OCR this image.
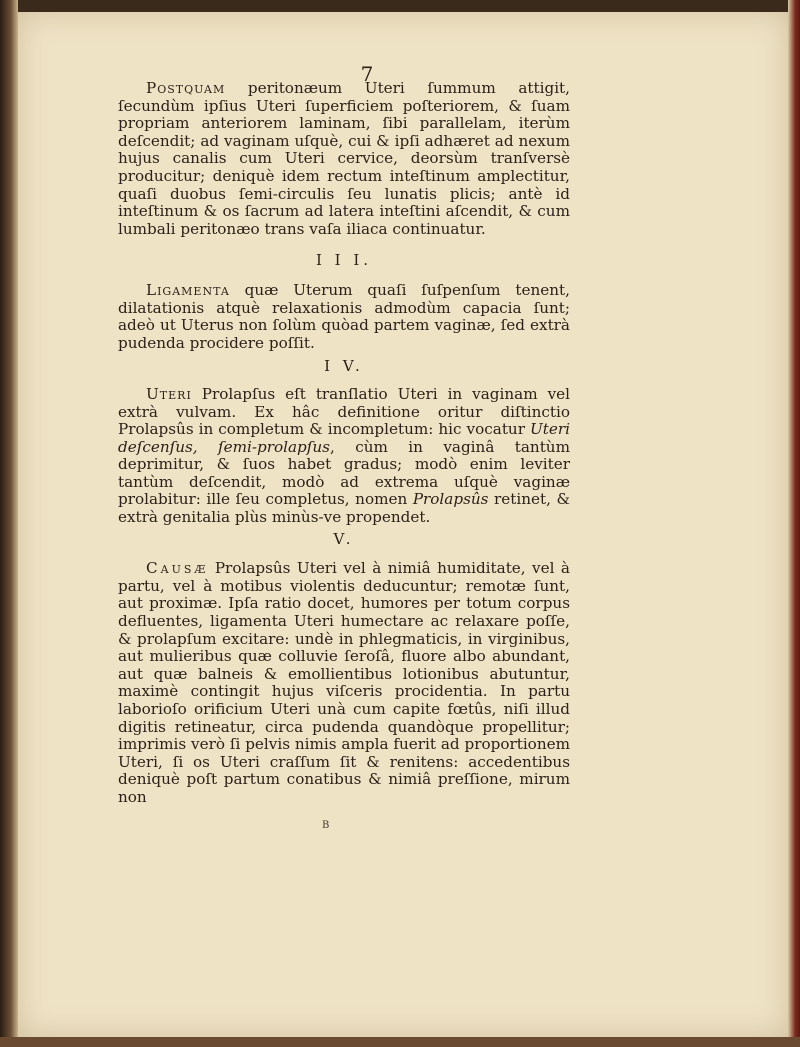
7

Postquam peritonæum Uteri ſummum attigit, ſecundùm ipſius Uteri ſuperficiem poſteriorem, & ſuam propriam anteriorem laminam, ſibi parallelam, iterùm deſcendit; ad vaginam uſquè, cui & ipſi adhæret ad nexum hujus canalis cum Uteri cervice, deorsùm tranſversè producitur; deniquè idem rectum inteſtinum amplectitur, quaſi duobus ſemi-circulis ſeu lunatis plicis; antè id inteſtinum & os ſacrum ad latera inteſtini aſcendit, & cum lumbali peritonæo trans vaſa iliaca continuatur.

I I I.

Ligamenta quæ Uterum quaſi ſuſpenſum tenent, dilatationis atquè relaxationis admodùm capacia ſunt; adeò ut Uterus non ſolùm quòad partem vaginæ, ſed extrà pudenda procidere poſſit.

I V.

Uteri Prolapſus eſt tranſlatio Uteri in vaginam vel extrà vulvam. Ex hâc definitione oritur diſtinctio Prolapsûs in completum & incompletum: hic vocatur Uteri deſcenſus, ſemi-prolapſus, cùm in vaginâ tantùm deprimitur, & ſuos habet gradus; modò enim leviter tantùm deſcendit, modò ad extrema uſquè vaginæ prolabitur: ille ſeu completus, nomen Prolapsûs retinet, & extrà genitalia plùs minùs-ve propendet.

V.

Causæ Prolapsûs Uteri vel à nimiâ humiditate, vel à partu, vel à motibus violentis deducuntur; remotæ ſunt, aut proximæ. Ipſa ratio docet, humores per totum corpus defluentes, ligamenta Uteri humectare ac relaxare poſſe, & prolapſum excitare: undè in phlegmaticis, in virginibus, aut mulieribus quæ colluvie ſeroſâ, fluore albo abundant, aut quæ balneis & emollientibus lotionibus abutuntur, maximè contingit hujus viſceris procidentia. In partu laborioſo orificium Uteri unà cum capite fœtûs, niſi illud digitis retineatur, circa pudenda quandòque propellitur; imprimis verò ſi pelvis nimis ampla fuerit ad proportionem Uteri, ſi os Uteri craſſum ſit & renitens: accedentibus deniquè poſt partum conatibus & nimiâ preſſione, mirum non

B
